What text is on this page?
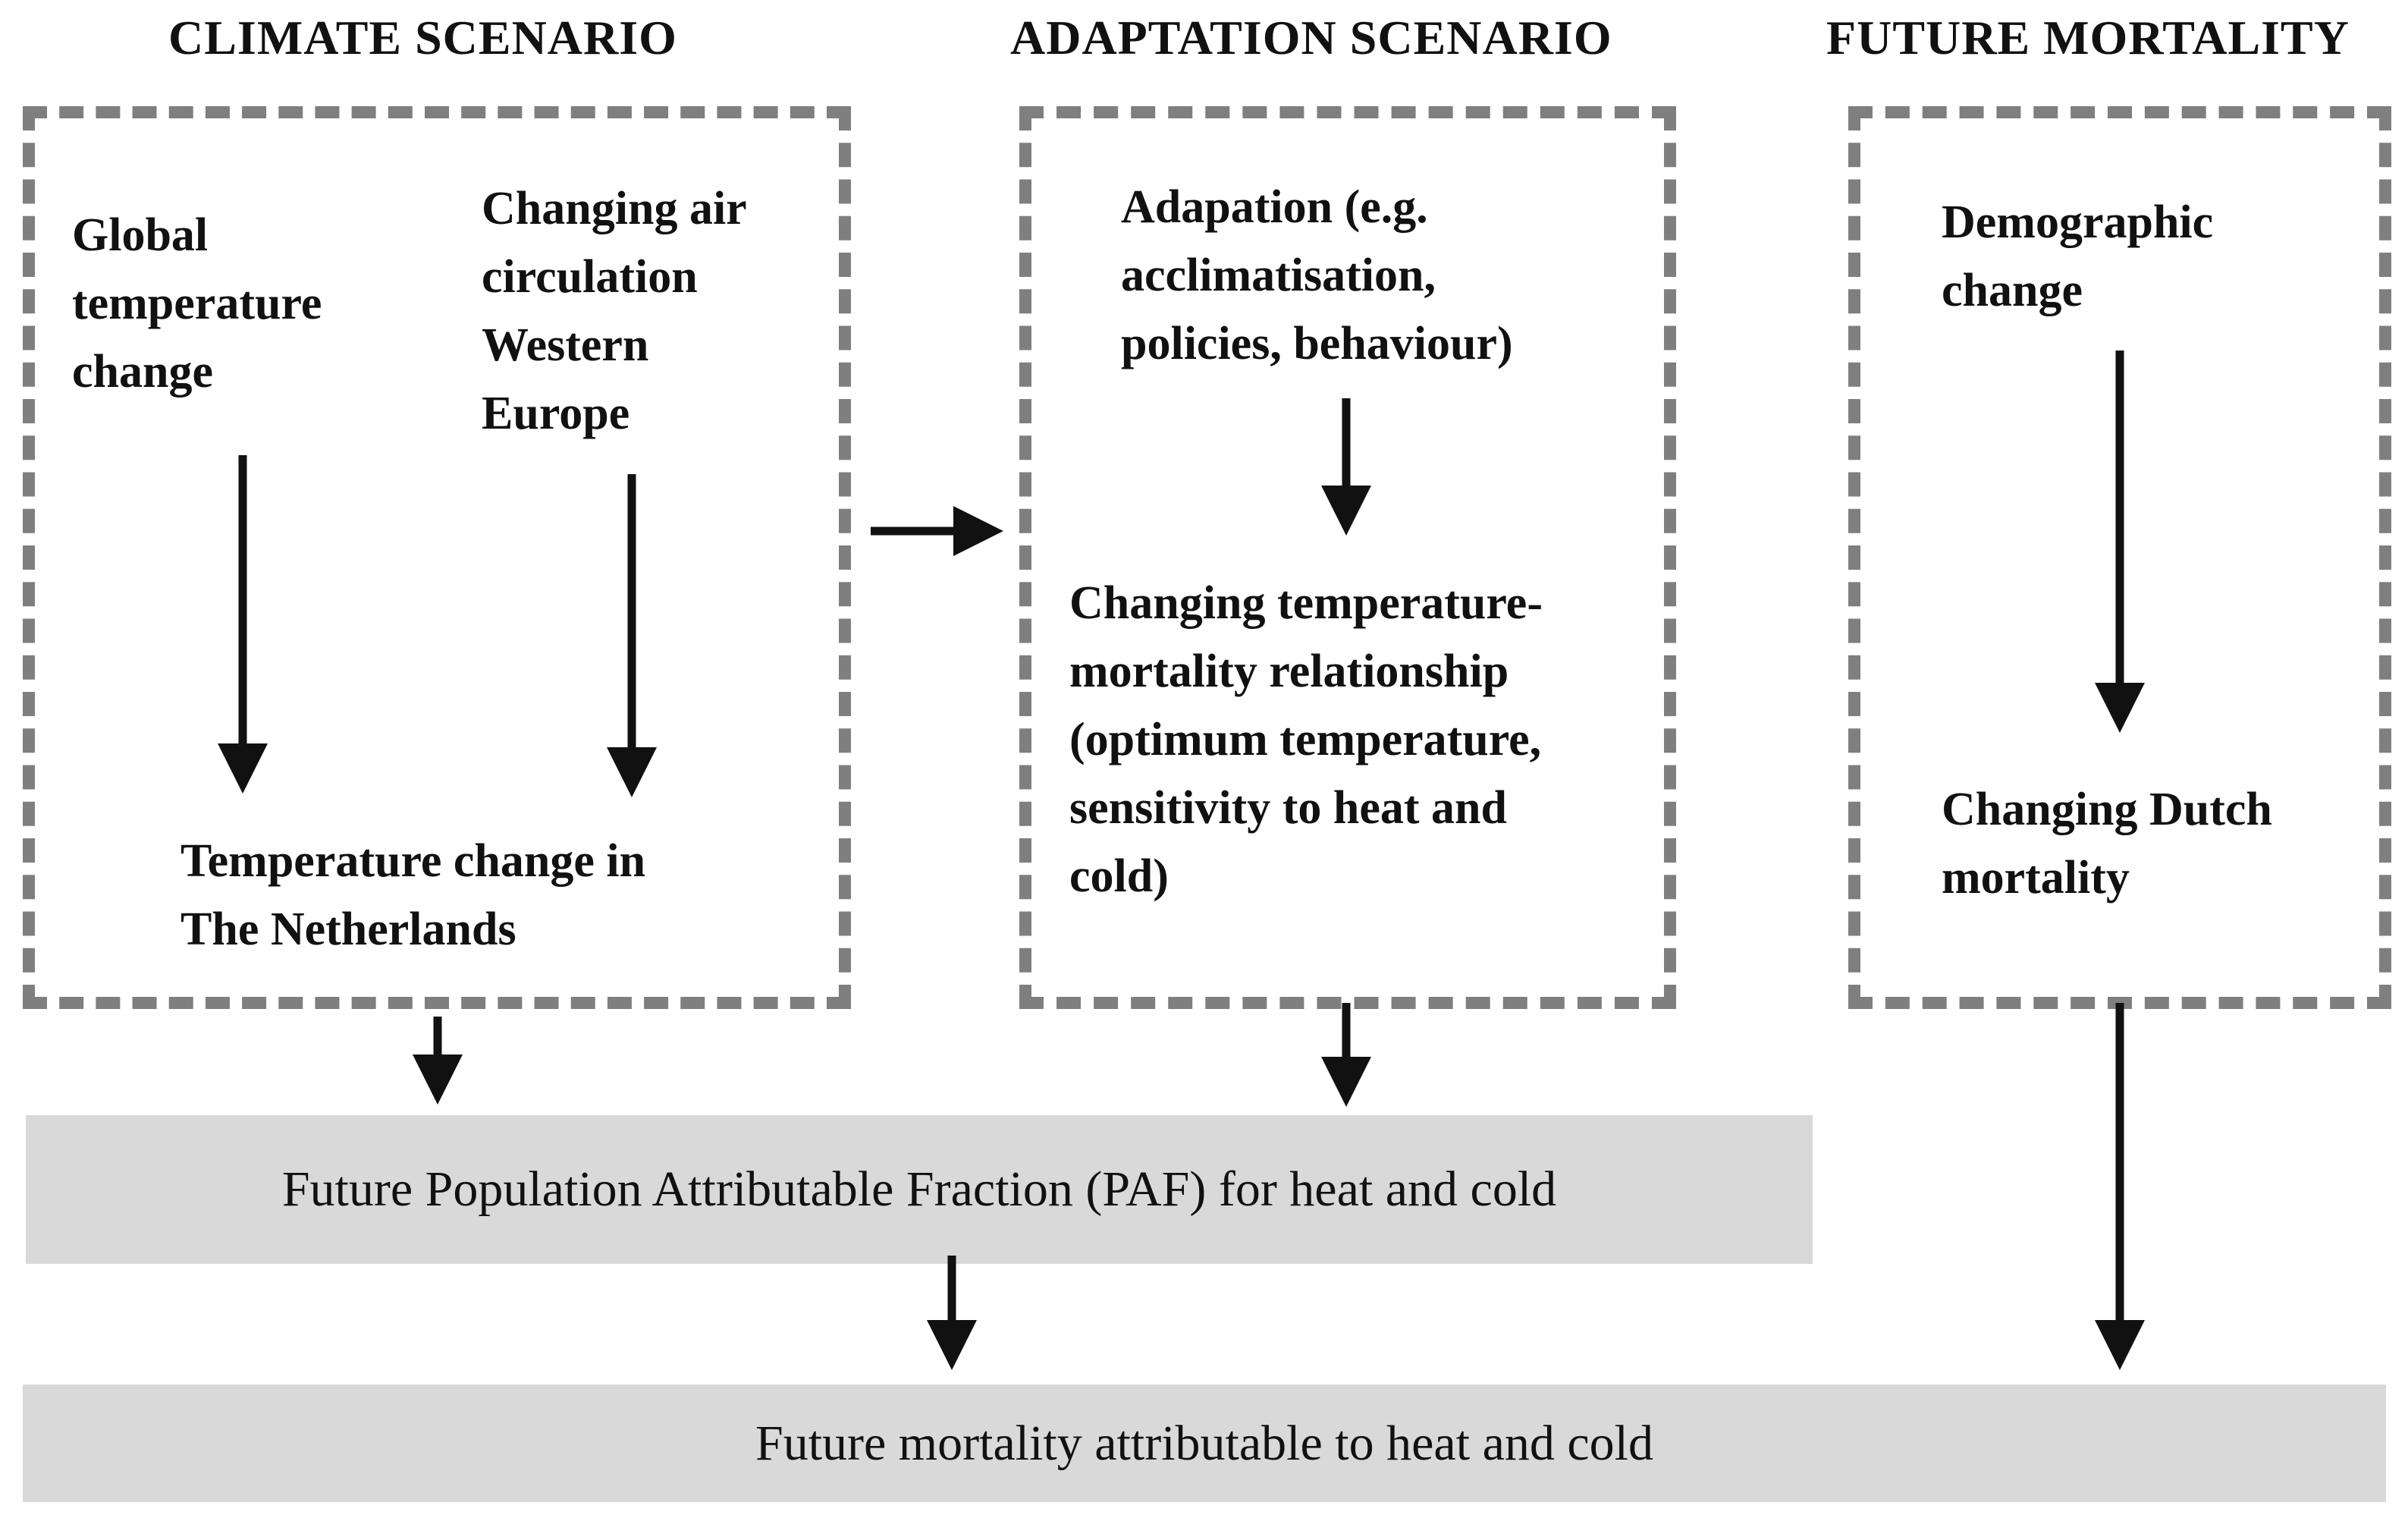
CLIMATE SCENARIO	ADAPTATION SCENARIO	FUTURE MORTALITY
Global
temperature
change
Changing air
circulation
Western
Europe
Temperature change in
The Netherlands
Adapation (e.g.
acclimatisation,
policies, behaviour)
Changing temperature-
mortality relationship
(optimum temperature,
sensitivity to heat and
cold)
Demographic
change
Changing Dutch
mortality
Future Population Attributable Fraction (PAF) for heat and cold
Future mortality attributable to heat and cold
